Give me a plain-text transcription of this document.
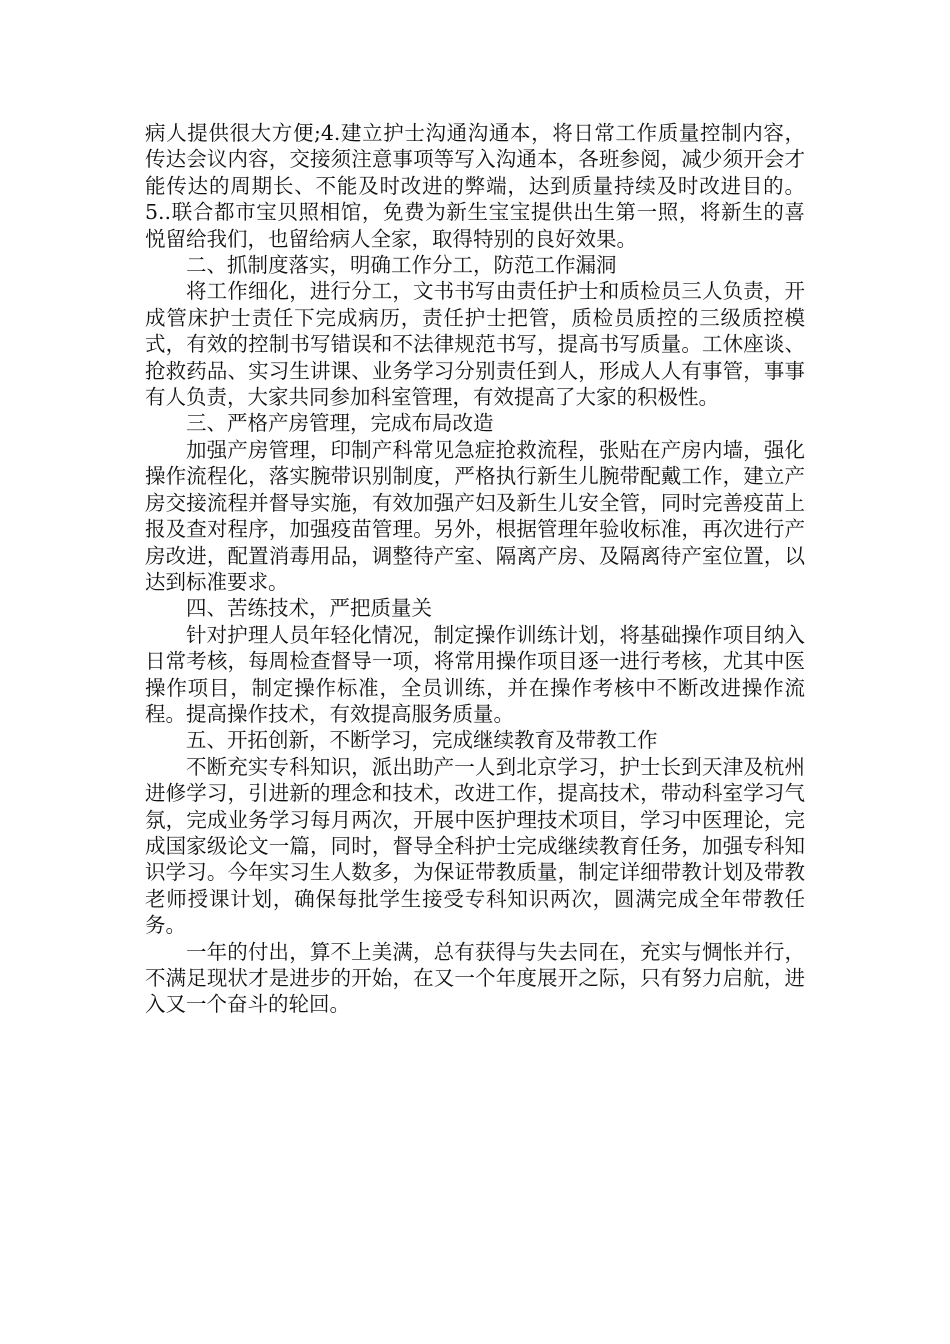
病人提供很大方便;4.建立护士沟通沟通本，将日常工作质量控制内容，传达会议内容，交接须注意事项等写入沟通本，各班参阅，减少须开会才能传达的周期长、不能及时改进的弊端，达到质量持续及时改进目的。5..联合都市宝贝照相馆，免费为新生宝宝提供出生第一照，将新生的喜悦留给我们，也留给病人全家，取得特别的良好效果。

二、抓制度落实，明确工作分工，防范工作漏洞

将工作细化，进行分工，文书书写由责任护士和质检员三人负责，开成管床护士责任下完成病历，责任护士把管，质检员质控的三级质控模式，有效的控制书写错误和不法律规范书写，提高书写质量。工休座谈、抢救药品、实习生讲课、业务学习分别责任到人，形成人人有事管，事事有人负责，大家共同参加科室管理，有效提高了大家的积极性。

三、严格产房管理，完成布局改造

加强产房管理，印制产科常见急症抢救流程，张贴在产房内墙，强化操作流程化，落实腕带识别制度，严格执行新生儿腕带配戴工作，建立产房交接流程并督导实施，有效加强产妇及新生儿安全管，同时完善疫苗上报及查对程序，加强疫苗管理。另外，根据管理年验收标准，再次进行产房改进，配置消毒用品，调整待产室、隔离产房、及隔离待产室位置，以达到标准要求。

四、苦练技术，严把质量关

针对护理人员年轻化情况，制定操作训练计划，将基础操作项目纳入日常考核，每周检查督导一项，将常用操作项目逐一进行考核，尤其中医操作项目，制定操作标准，全员训练，并在操作考核中不断改进操作流程。提高操作技术，有效提高服务质量。

五、开拓创新，不断学习，完成继续教育及带教工作

不断充实专科知识，派出助产一人到北京学习，护士长到天津及杭州进修学习，引进新的理念和技术，改进工作，提高技术，带动科室学习气氛，完成业务学习每月两次，开展中医护理技术项目，学习中医理论，完成国家级论文一篇，同时，督导全科护士完成继续教育任务，加强专科知识学习。今年实习生人数多，为保证带教质量，制定详细带教计划及带教老师授课计划，确保每批学生接受专科知识两次，圆满完成全年带教任务。

一年的付出，算不上美满，总有获得与失去同在，充实与惆怅并行，不满足现状才是进步的开始，在又一个年度展开之际，只有努力启航，进入又一个奋斗的轮回。
